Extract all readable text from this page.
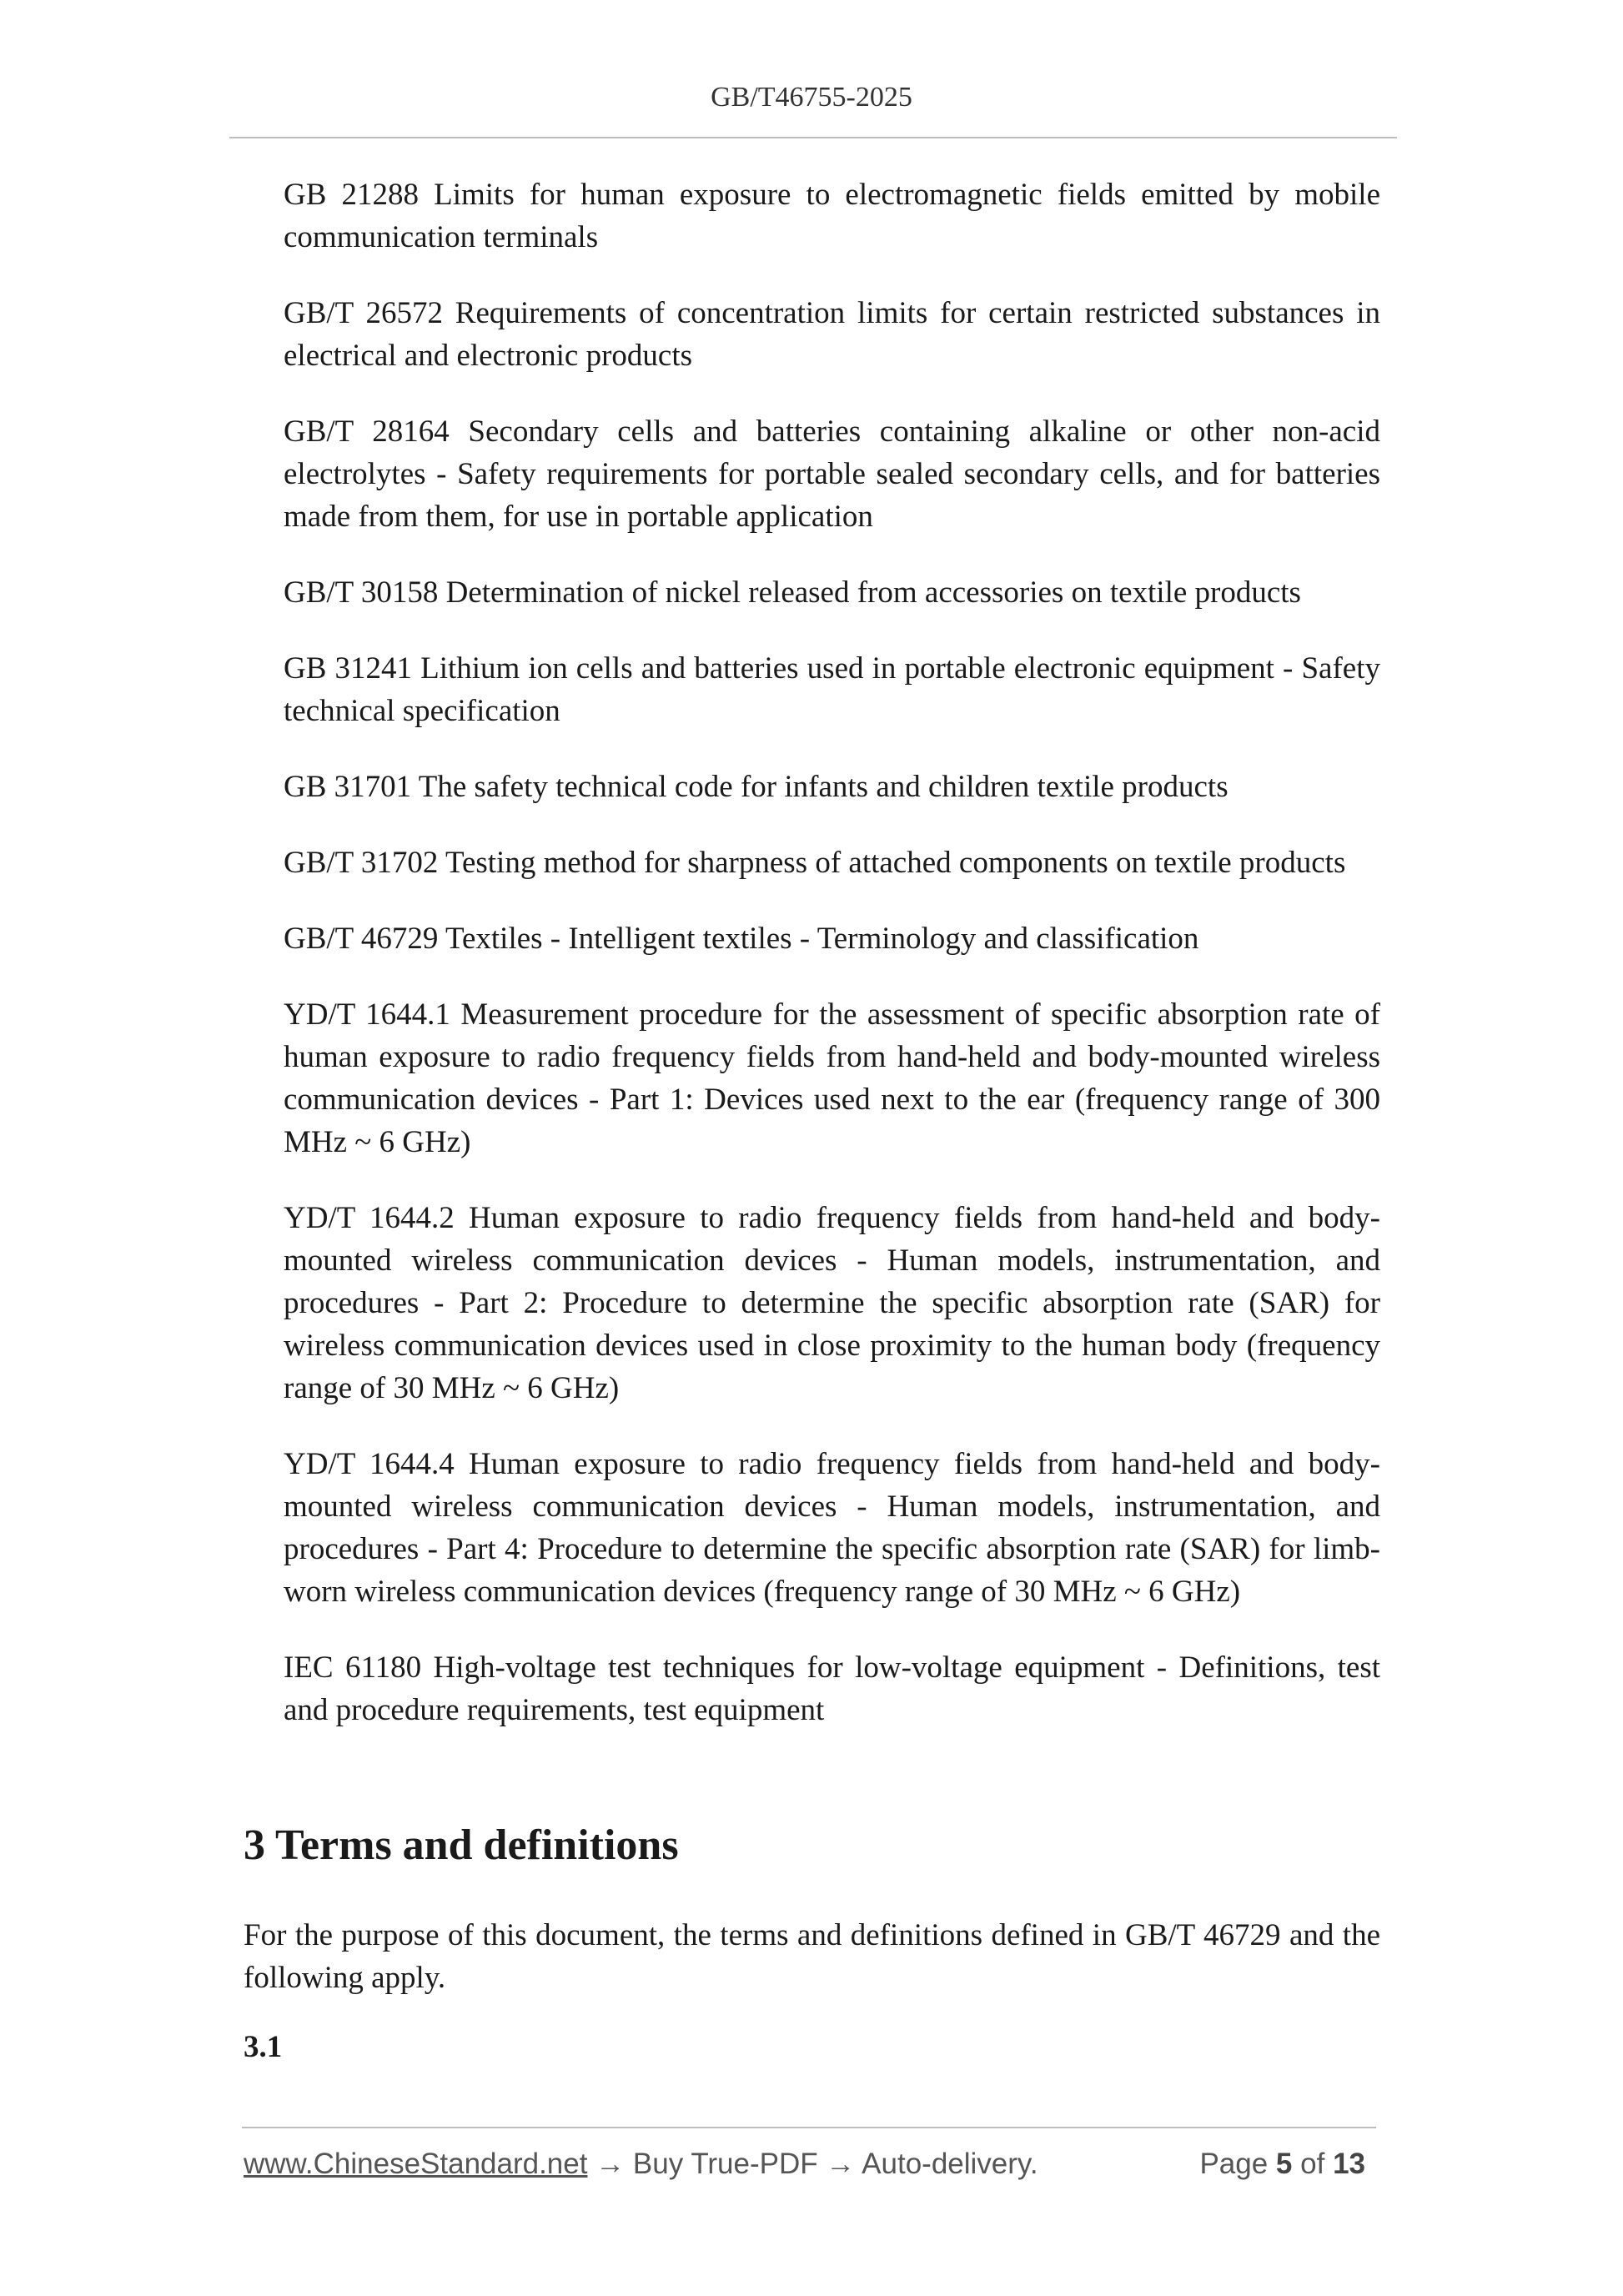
GB/T46755-2025

GB 21288 Limits for human exposure to electromagnetic fields emitted by mobile communication terminals

GB/T 26572 Requirements of concentration limits for certain restricted substances in electrical and electronic products

GB/T 28164 Secondary cells and batteries containing alkaline or other non-acid electrolytes - Safety requirements for portable sealed secondary cells, and for batteries made from them, for use in portable application

GB/T 30158 Determination of nickel released from accessories on textile products

GB 31241 Lithium ion cells and batteries used in portable electronic equipment - Safety technical specification

GB 31701 The safety technical code for infants and children textile products

GB/T 31702 Testing method for sharpness of attached components on textile products

GB/T 46729 Textiles - Intelligent textiles - Terminology and classification

YD/T 1644.1 Measurement procedure for the assessment of specific absorption rate of human exposure to radio frequency fields from hand-held and body-mounted wireless communication devices - Part 1: Devices used next to the ear (frequency range of 300 MHz ~ 6 GHz)

YD/T 1644.2 Human exposure to radio frequency fields from hand-held and body-mounted wireless communication devices - Human models, instrumentation, and procedures - Part 2: Procedure to determine the specific absorption rate (SAR) for wireless communication devices used in close proximity to the human body (frequency range of 30 MHz ~ 6 GHz)

YD/T 1644.4 Human exposure to radio frequency fields from hand-held and body-mounted wireless communication devices - Human models, instrumentation, and procedures - Part 4: Procedure to determine the specific absorption rate (SAR) for limb-worn wireless communication devices (frequency range of 30 MHz ~ 6 GHz)

IEC 61180 High-voltage test techniques for low-voltage equipment - Definitions, test and procedure requirements, test equipment

3 Terms and definitions

For the purpose of this document, the terms and definitions defined in GB/T 46729 and the following apply.

3.1

www.ChineseStandard.net → Buy True-PDF → Auto-delivery.	Page 5 of 13
